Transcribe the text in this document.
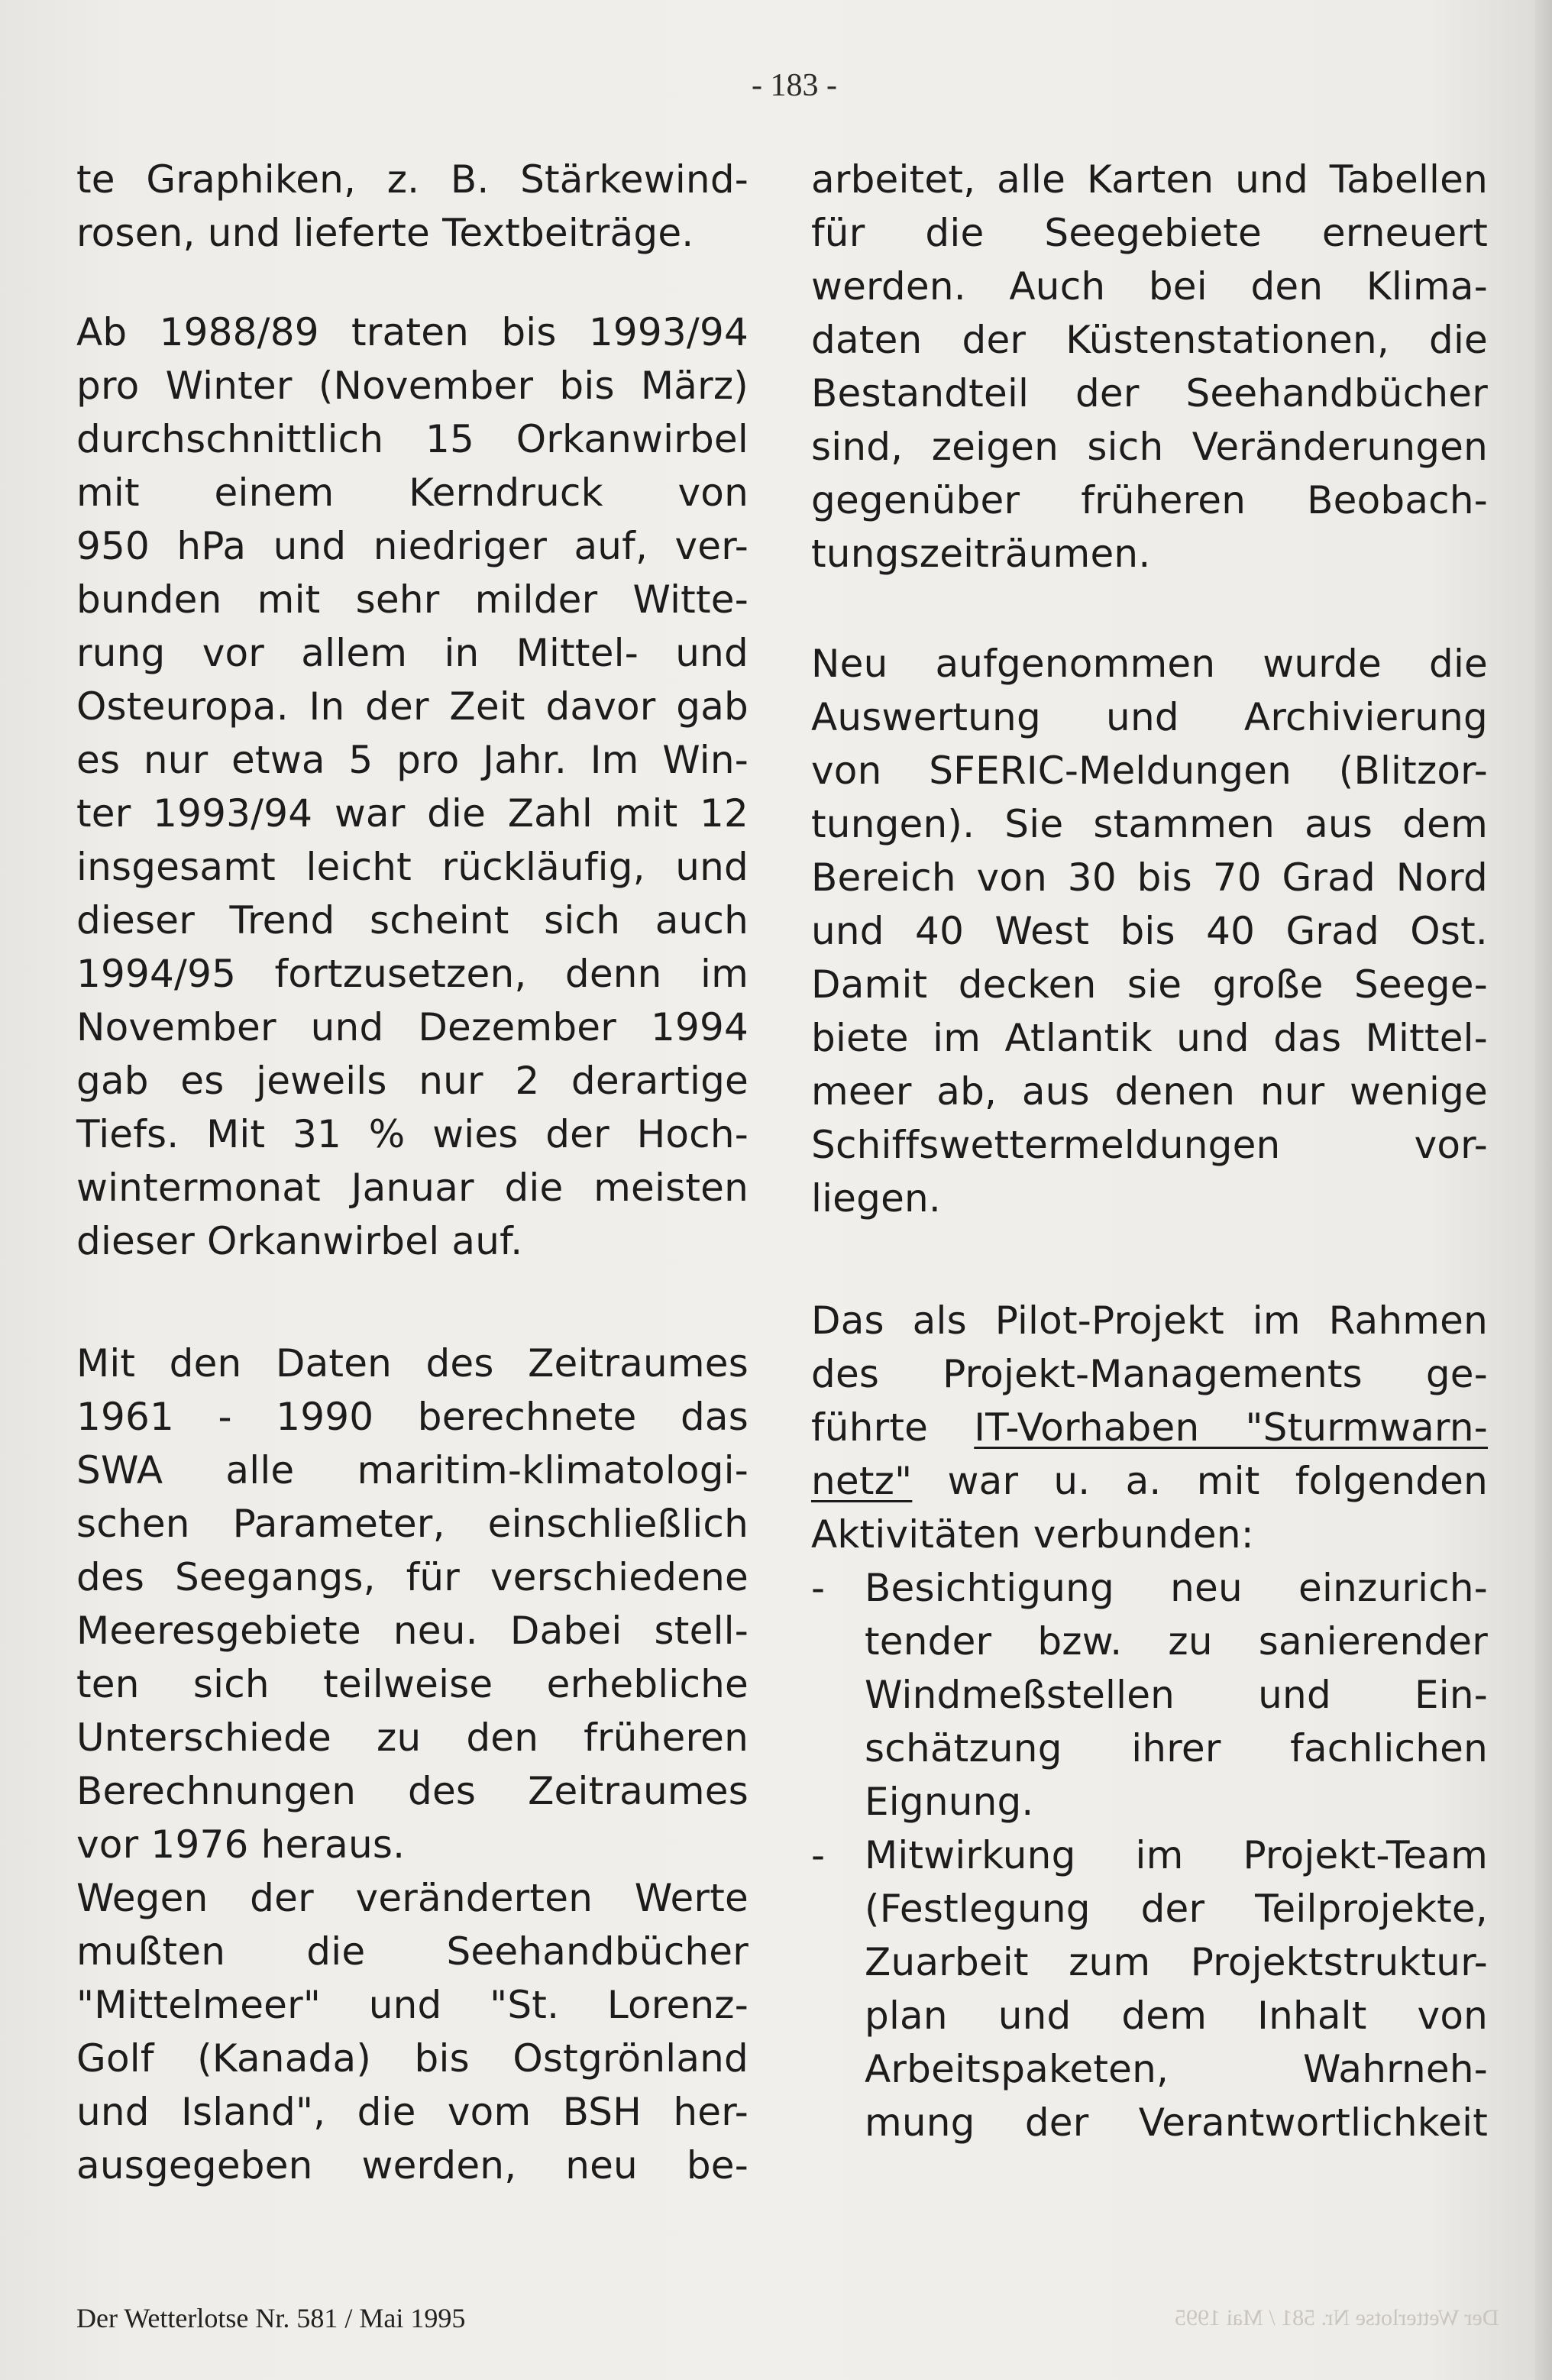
- 183 -
te Graphiken, z. B. Stärkewind-
rosen, und lieferte Textbeiträge.
Ab 1988/89 traten bis 1993/94
pro Winter (November bis März)
durchschnittlich 15 Orkanwirbel
mit einem Kerndruck von
950 hPa und niedriger auf, ver-
bunden mit sehr milder Witte-
rung vor allem in Mittel- und
Osteuropa. In der Zeit davor gab
es nur etwa 5 pro Jahr. Im Win-
ter 1993/94 war die Zahl mit 12
insgesamt leicht rückläufig, und
dieser Trend scheint sich auch
1994/95 fortzusetzen, denn im
November und Dezember 1994
gab es jeweils nur 2 derartige
Tiefs. Mit 31 % wies der Hoch-
wintermonat Januar die meisten
dieser Orkanwirbel auf.
Mit den Daten des Zeitraumes
1961 - 1990 berechnete das
SWA alle maritim-klimatologi-
schen Parameter, einschließlich
des Seegangs, für verschiedene
Meeresgebiete neu. Dabei stell-
ten sich teilweise erhebliche
Unterschiede zu den früheren
Berechnungen des Zeitraumes
vor 1976 heraus.
Wegen der veränderten Werte
mußten die Seehandbücher
"Mittelmeer" und "St. Lorenz-
Golf (Kanada) bis Ostgrönland
und Island", die vom BSH her-
ausgegeben werden, neu be-
arbeitet, alle Karten und Tabellen
für die Seegebiete erneuert
werden. Auch bei den Klima-
daten der Küstenstationen, die
Bestandteil der Seehandbücher
sind, zeigen sich Veränderungen
gegenüber früheren Beobach-
tungszeiträumen.
Neu aufgenommen wurde die
Auswertung und Archivierung
von SFERIC-Meldungen (Blitzor-
tungen). Sie stammen aus dem
Bereich von 30 bis 70 Grad Nord
und 40 West bis 40 Grad Ost.
Damit decken sie große Seege-
biete im Atlantik und das Mittel-
meer ab, aus denen nur wenige
Schiffswettermeldungen vor-
liegen.
Das als Pilot-Projekt im Rahmen
des Projekt-Managements ge-
führte IT-Vorhaben "Sturmwarn-
netz" war u. a. mit folgenden
Aktivitäten verbunden:
-	Besichtigung neu einzurich-
tender bzw. zu sanierender
Windmeßstellen und Ein-
schätzung ihrer fachlichen
Eignung.
-	Mitwirkung im Projekt-Team
(Festlegung der Teilprojekte,
Zuarbeit zum Projektstruktur-
plan und dem Inhalt von
Arbeitspaketen, Wahrneh-
mung der Verantwortlichkeit
Der Wetterlotse Nr. 581 / Mai 1995	Der Wetterlotse Nr. 581 / Mai 1995
